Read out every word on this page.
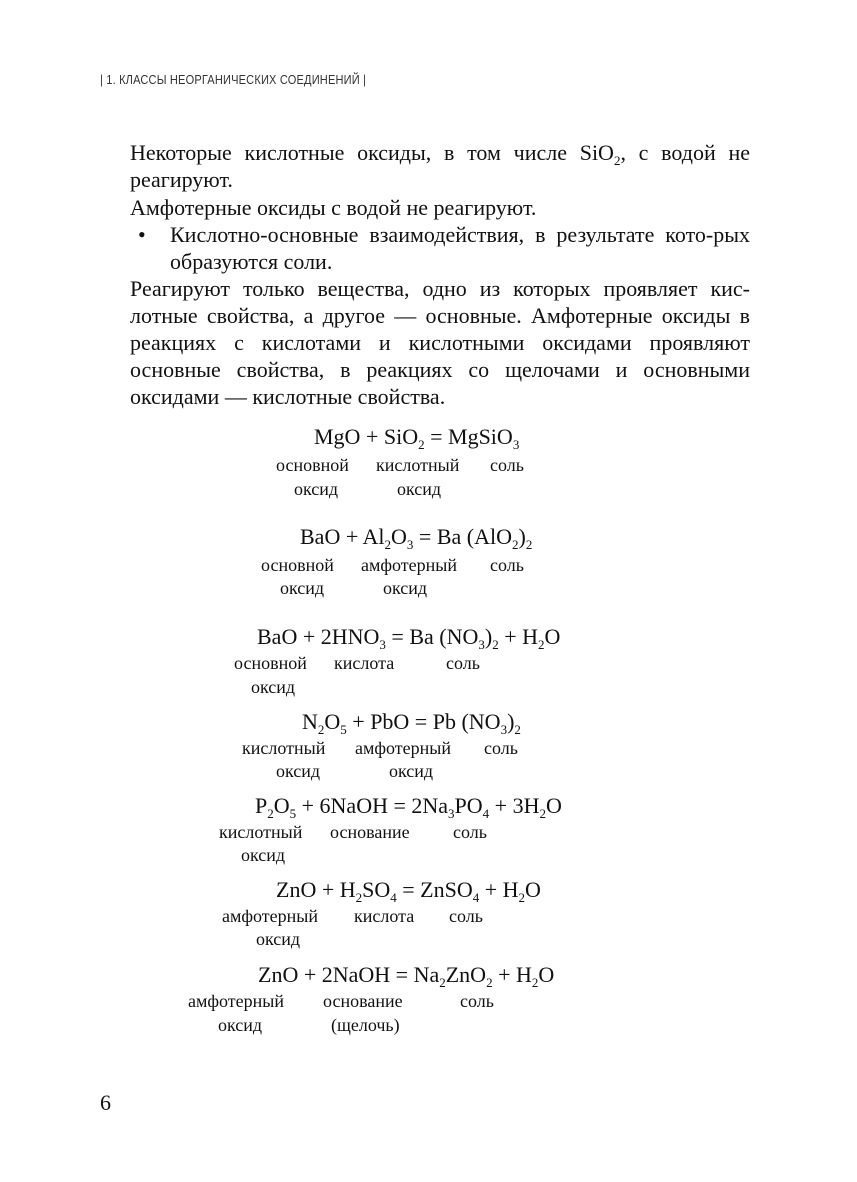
| 1. КЛАССЫ НЕОРГАНИЧЕСКИХ СОЕДИНЕНИЙ |

Некоторые кислотные оксиды, в том числе SiO$_2$, с водой не реагируют.

Амфотерные оксиды с водой не реагируют.

• Кислотно-основные взаимодействия, в результате кото-рых образуются соли.

Реагируют только вещества, одно из которых проявляет кис-лотные свойства, а другое — основные. Амфотерные оксиды в реакциях с кислотами и кислотными оксидами проявляют основные свойства, в реакциях со щелочами и основными оксидами — кислотные свойства.

MgO + SiO$_2$ = MgSiO$_3$
основной кислотный соль
оксид	оксид
BaO + $Al_2O_3 = Ba$ $(AlO_2)_2$
основной амфотерный соль
оксид	оксид
BaO + $2HNO_3 = Ba$ $(NO_3)_2 + H_2O$
основной кислота	соль
оксид
$N_2O_5$ + PbO = Pb $(NO_3)_2$
кислотный амфотерный соль
оксид	оксид
$P_2O_5$ + 6NaOH = $2Na_3PO_4 + 3H_2O$
кислотный основание соль
оксид
ZnO + $H_2SO_4$ = ZnSO$_4$ + $H_2O$
амфотерный кислота соль
оксид
ZnO + 2NaOH = $Na_2ZnO_2 + H_2O$
амфотерный основание	соль
оксид	(щелочь)
6
